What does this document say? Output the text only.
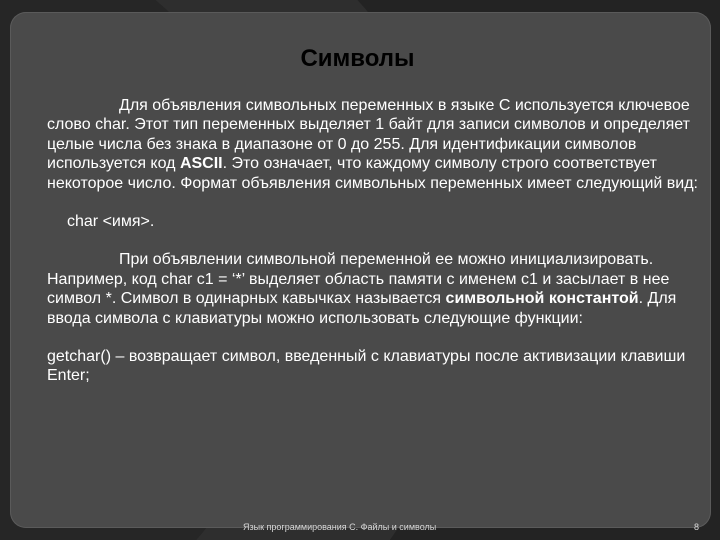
Символы

Для объявления символьных переменных в языке С используется ключевое слово char. Этот тип переменных выделяет 1 байт для записи символов и определяет целые числа без знака в диапазоне от 0 до 255. Для идентификации символов используется код ASCII. Это означает, что каждому символу строго соответствует некоторое число. Формат объявления символьных переменных имеет следующий вид:

char <имя>.

При объявлении символьной переменной ее можно инициализировать. Например, код char c1 = ‘*’ выделяет область памяти с именем c1 и засылает в нее символ *. Символ в одинарных кавычках называется символьной константой. Для ввода символа с клавиатуры можно использовать следующие функции:

getchar() – возвращает символ, введенный с клавиатуры после активизации клавиши Enter;

Язык программирования С. Файлы и символы	8
